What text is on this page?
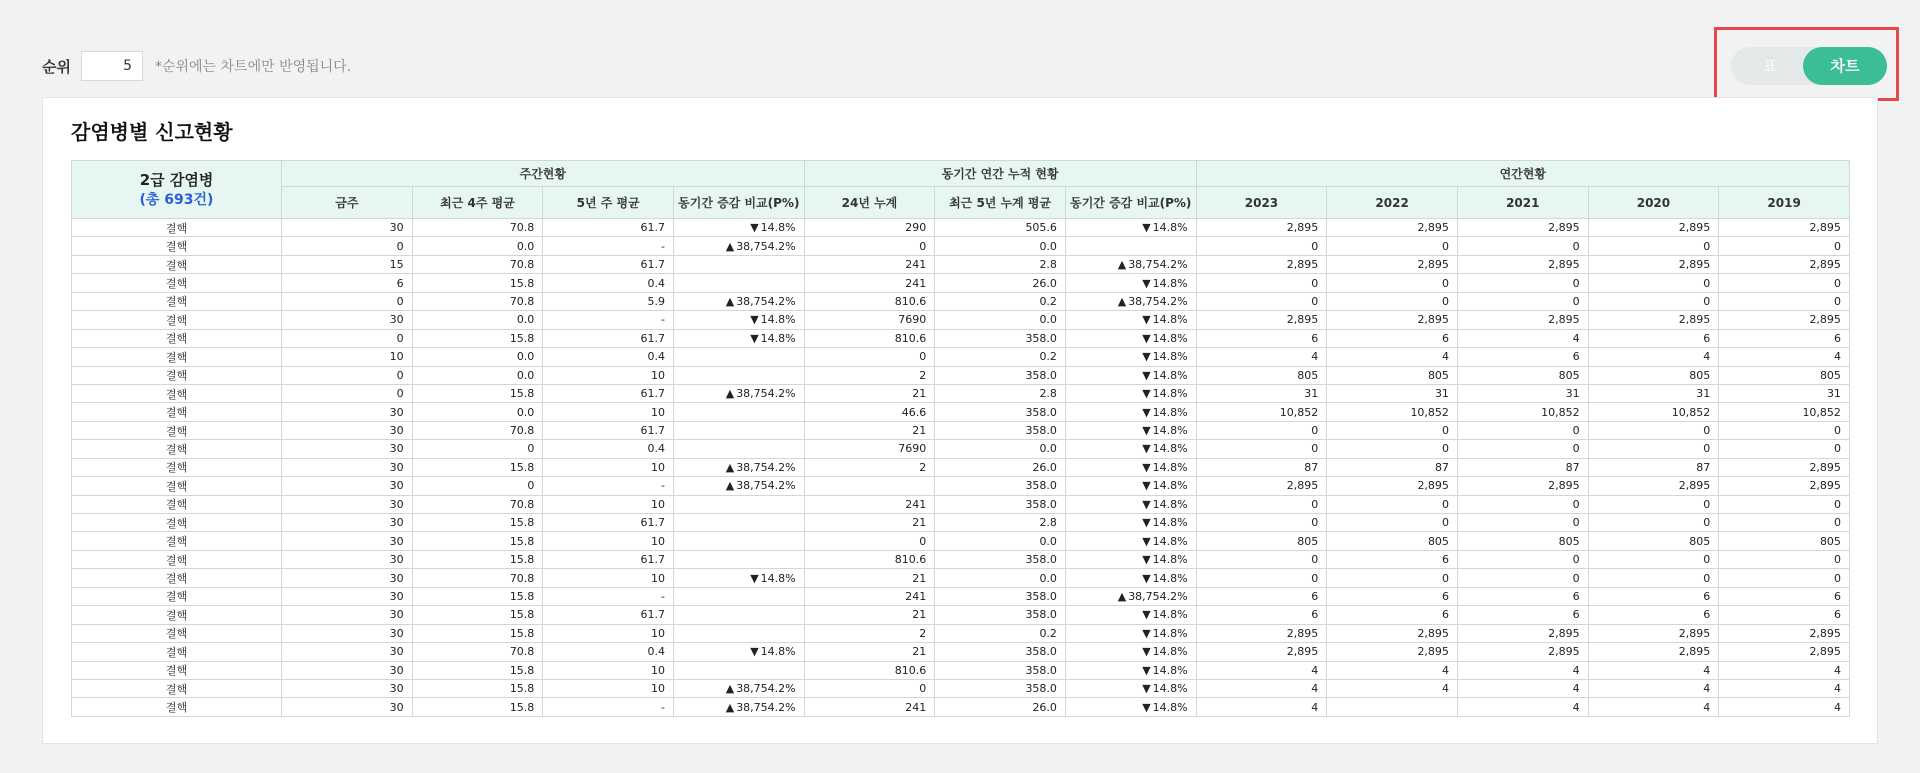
순위
5	*순위에는 차트에만 반영됩니다.	표	차트
감염병별 신고현황
2급 감염병
(총 693건)	주간현황				동기간 연간 누적 현황			연간현황				
	금주	최근 4주 평균	5년 주 평균	동기간 증감 비교(P%)	24년 누계	최근 5년 누계 평균	동기간 증감 비교(P%)	2023	2022	2021	2020	2019
결핵	30	70.8	61.7	▼ 14.8%	290	505.6	▼ 14.8%	2,895	2,895	2,895	2,895	2,895
결핵	0	0.0	-	▲ 38,754.2%	0	0.0		0	0	0	0	0
결핵	15	70.8	61.7		241	2.8	▲ 38,754.2%	2,895	2,895	2,895	2,895	2,895
결핵	6	15.8	0.4		241	26.0	▼ 14.8%	0	0	0	0	0
결핵	0	70.8	5.9	▲ 38,754.2%	810.6	0.2	▲ 38,754.2%	0	0	0	0	0
결핵	30	0.0	-	▼ 14.8%	7690	0.0	▼ 14.8%	2,895	2,895	2,895	2,895	2,895
결핵	0	15.8	61.7	▼ 14.8%	810.6	358.0	▼ 14.8%	6	6	4	6	6
결핵	10	0.0	0.4		0	0.2	▼ 14.8%	4	4	6	4	4
결핵	0	0.0	10		2	358.0	▼ 14.8%	805	805	805	805	805
결핵	0	15.8	61.7	▲ 38,754.2%	21	2.8	▼ 14.8%	31	31	31	31	31
결핵	30	0.0	10		46.6	358.0	▼ 14.8%	10,852	10,852	10,852	10,852	10,852
결핵	30	70.8	61.7		21	358.0	▼ 14.8%	0	0	0	0	0
결핵	30	0	0.4		7690	0.0	▼ 14.8%	0	0	0	0	0
결핵	30	15.8	10	▲ 38,754.2%	2	26.0	▼ 14.8%	87	87	87	87	2,895
결핵	30	0	-	▲ 38,754.2%		358.0	▼ 14.8%	2,895	2,895	2,895	2,895	2,895
결핵	30	70.8	10		241	358.0	▼ 14.8%	0	0	0	0	0
결핵	30	15.8	61.7		21	2.8	▼ 14.8%	0	0	0	0	0
결핵	30	15.8	10		0	0.0	▼ 14.8%	805	805	805	805	805
결핵	30	15.8	61.7		810.6	358.0	▼ 14.8%	0	6	0	0	0
결핵	30	70.8	10	▼ 14.8%	21	0.0	▼ 14.8%	0	0	0	0	0
결핵	30	15.8	-		241	358.0	▲ 38,754.2%	6	6	6	6	6
결핵	30	15.8	61.7		21	358.0	▼ 14.8%	6	6	6	6	6
결핵	30	15.8	10		2	0.2	▼ 14.8%	2,895	2,895	2,895	2,895	2,895
결핵	30	70.8	0.4	▼ 14.8%	21	358.0	▼ 14.8%	2,895	2,895	2,895	2,895	2,895
결핵	30	15.8	10		810.6	358.0	▼ 14.8%	4	4	4	4	4
결핵	30	15.8	10	▲ 38,754.2%	0	358.0	▼ 14.8%	4	4	4	4	4
결핵	30	15.8	-	▲ 38,754.2%	241	26.0	▼ 14.8%	4		4	4	4
